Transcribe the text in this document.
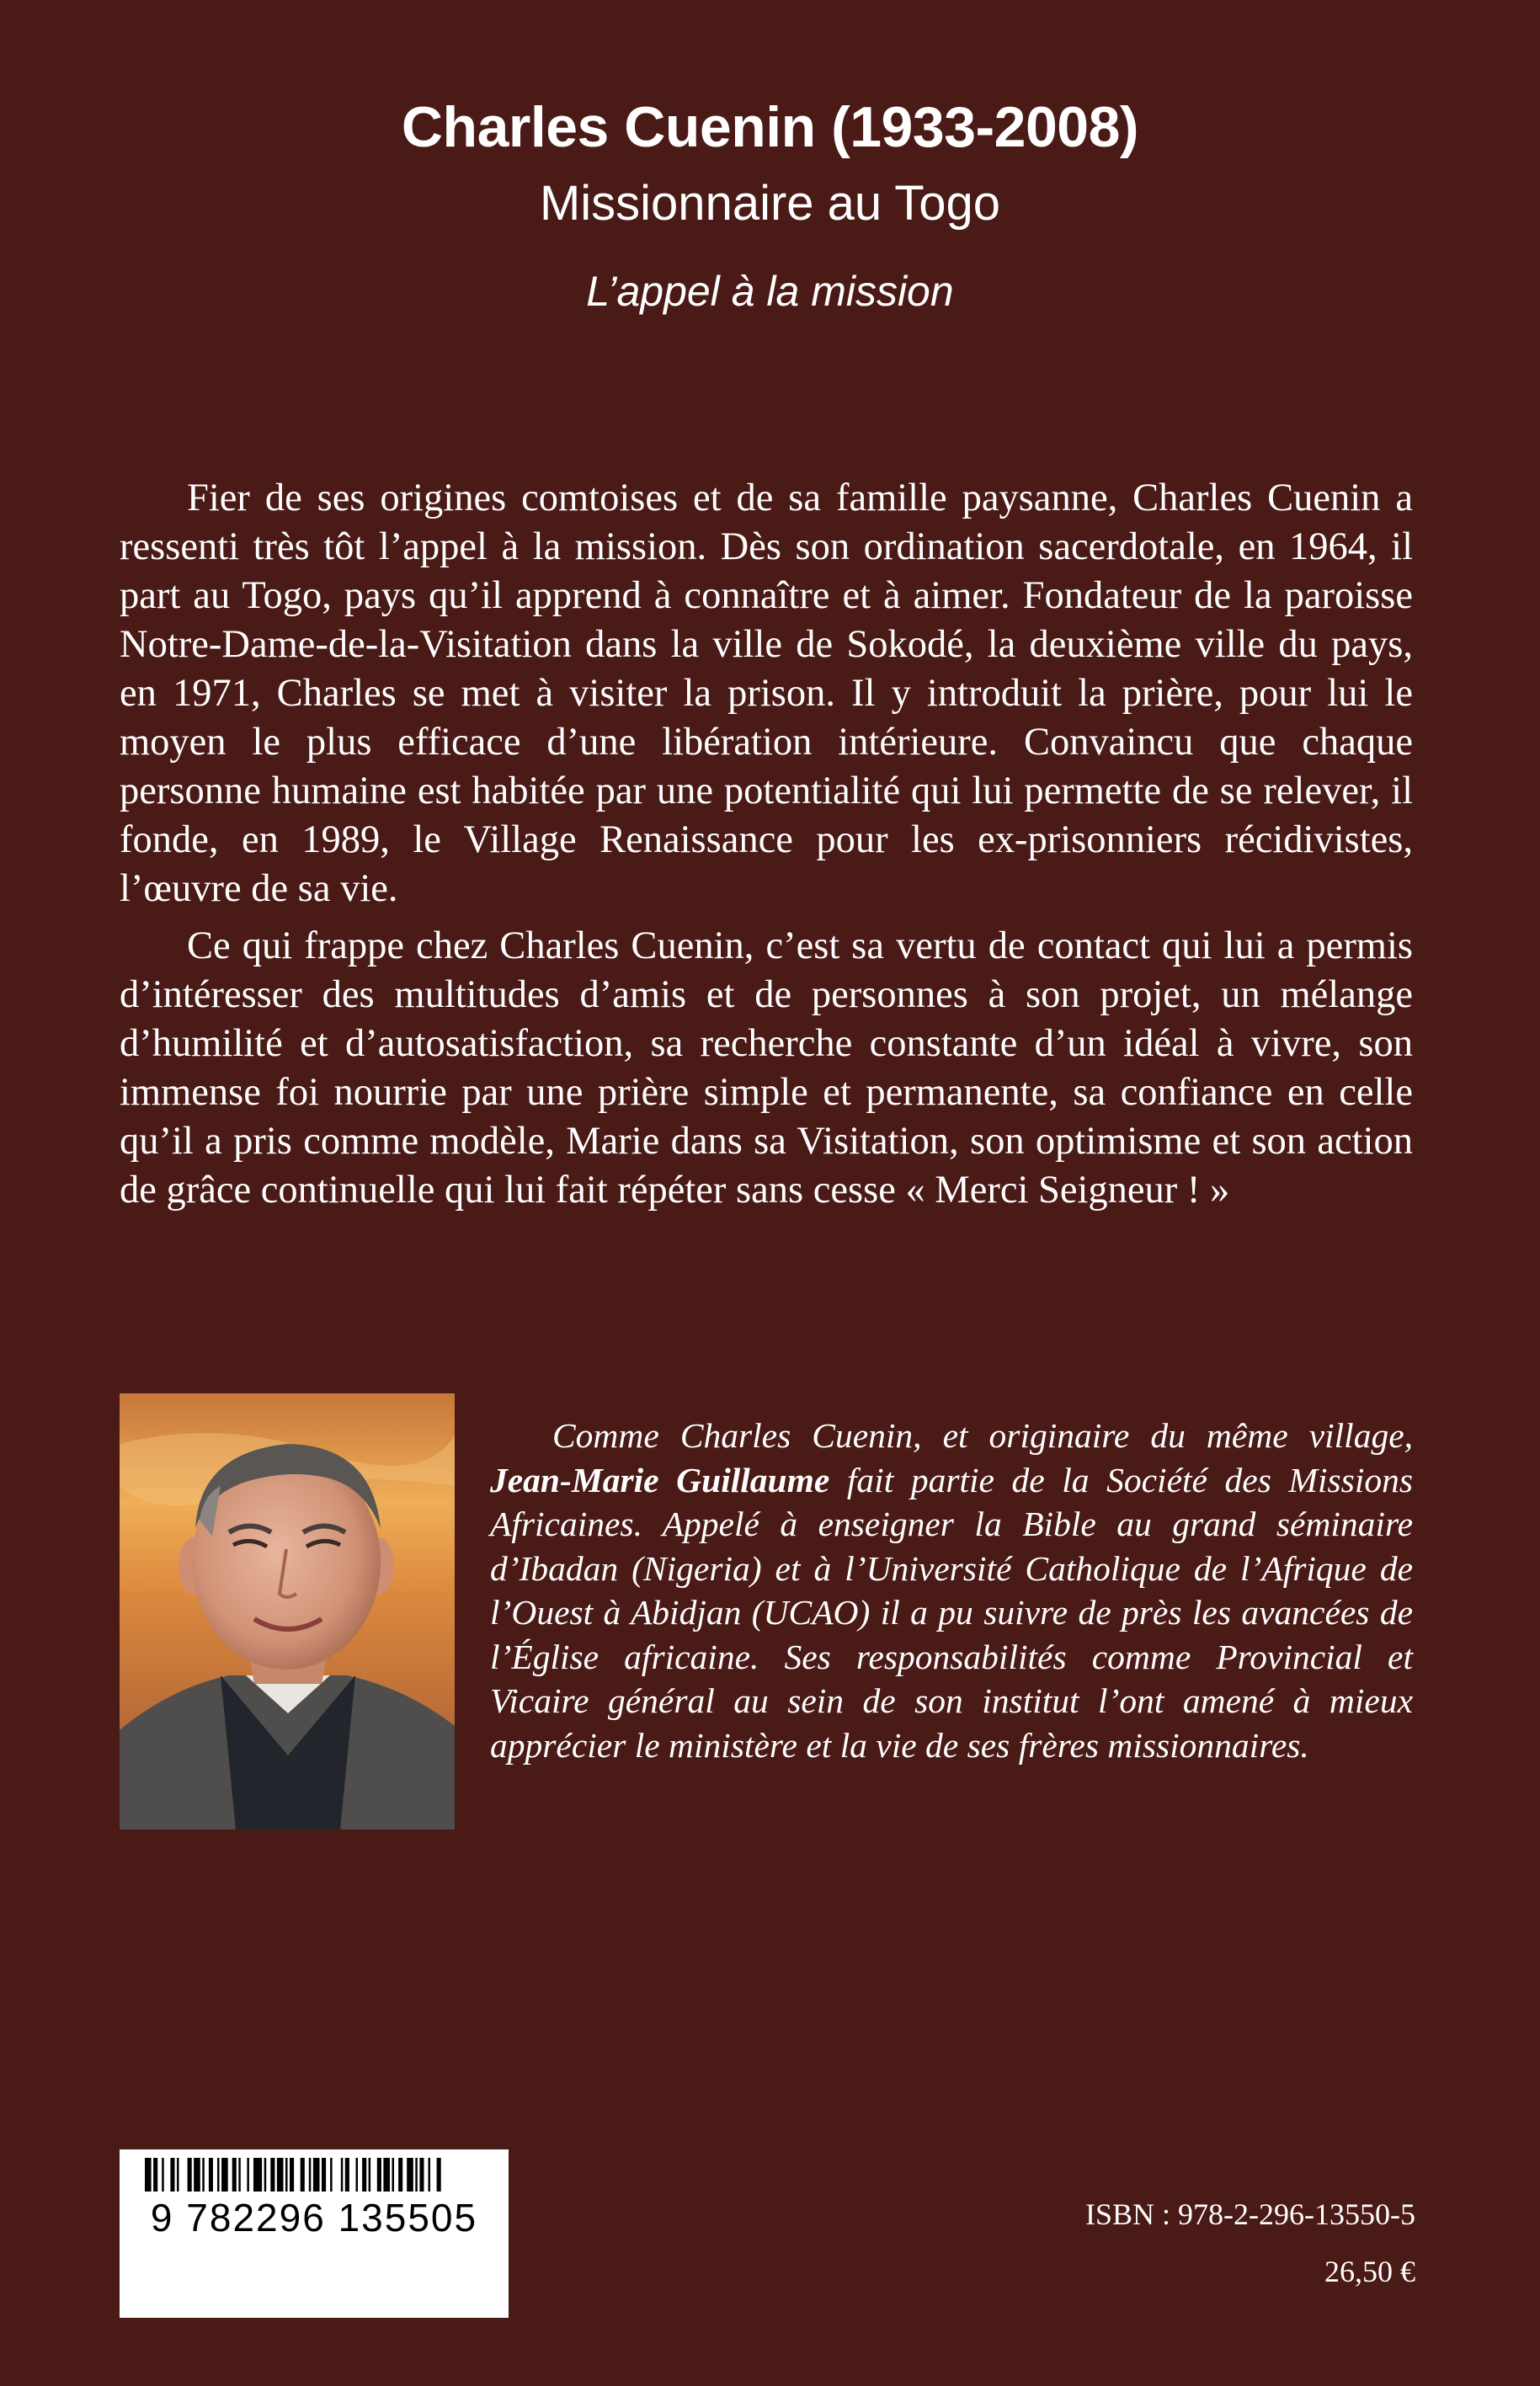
Charles Cuenin (1933-2008)
Missionnaire au Togo
L’appel à la mission

Fier de ses origines comtoises et de sa famille paysanne, Charles Cuenin a ressenti très tôt l’appel à la mission. Dès son ordination sacerdotale, en 1964, il part au Togo, pays qu’il apprend à connaître et à aimer. Fondateur de la paroisse Notre-Dame-de-la-Visitation dans la ville de Sokodé, la deuxième ville du pays, en 1971, Charles se met à visiter la prison. Il y introduit la prière, pour lui le moyen le plus efficace d’une libération intérieure. Convaincu que chaque personne humaine est habitée par une potentialité qui lui permette de se relever, il fonde, en 1989, le Village Renaissance pour les ex-prisonniers récidivistes, l’œuvre de sa vie.

Ce qui frappe chez Charles Cuenin, c’est sa vertu de contact qui lui a permis d’intéresser des multitudes d’amis et de personnes à son projet, un mélange d’humilité et d’autosatisfaction, sa recherche constante d’un idéal à vivre, son immense foi nourrie par une prière simple et permanente, sa confiance en celle qu’il a pris comme modèle, Marie dans sa Visitation, son optimisme et son action de grâce continuelle qui lui fait répéter sans cesse « Merci Seigneur ! »

Comme Charles Cuenin, et originaire du même village, Jean-Marie Guillaume fait partie de la Société des Missions Africaines. Appelé à enseigner la Bible au grand séminaire d’Ibadan (Nigeria) et à l’Université Catholique de l’Afrique de l’Ouest à Abidjan (UCAO) il a pu suivre de près les avancées de l’Église africaine. Ses responsabilités comme Provincial et Vicaire général au sein de son institut l’ont amené à mieux apprécier le ministère et la vie de ses frères missionnaires.

9 782296 135505	ISBN : 978-2-296-13550-5
26,50 €
